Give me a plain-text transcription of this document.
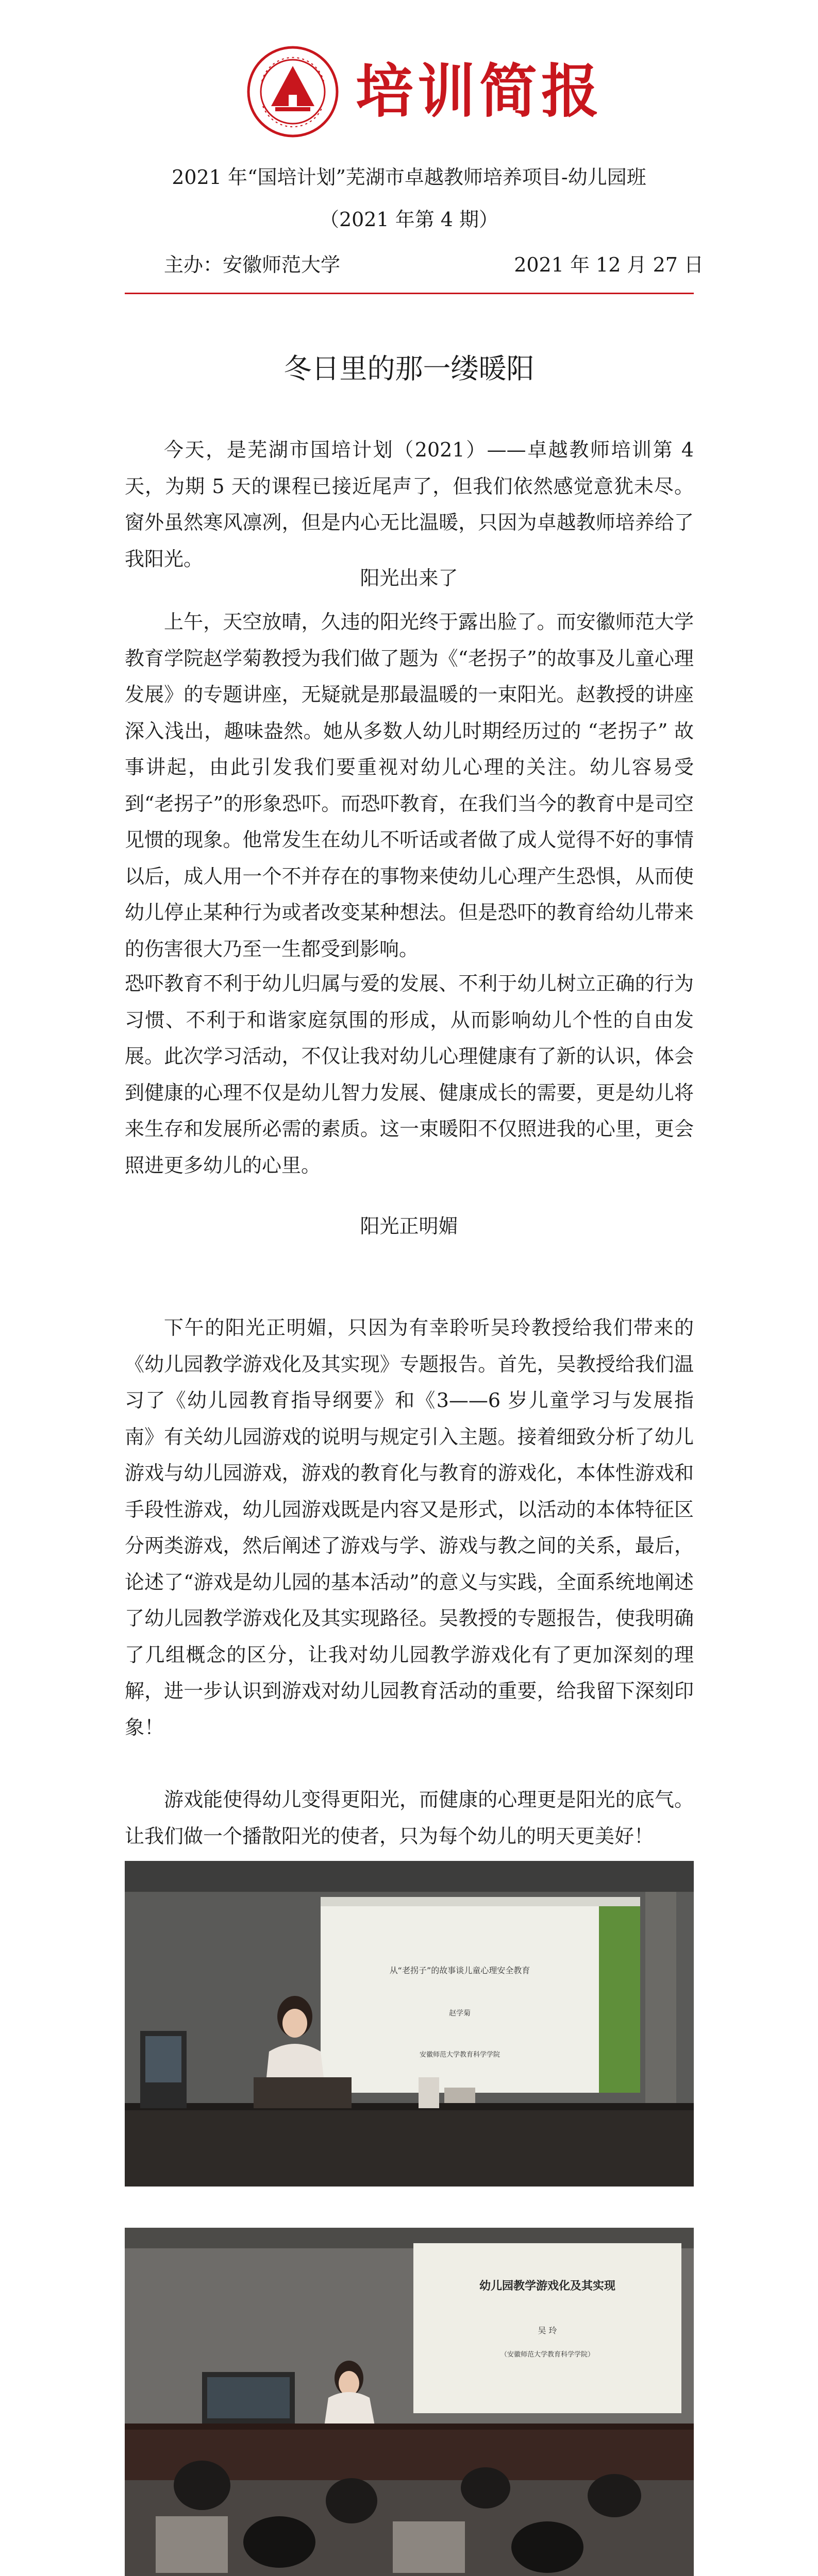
培训简报
2021 年“国培计划”芜湖市卓越教师培养项目-幼儿园班
（2021 年第 4 期）
主办：安徽师范大学	2021 年 12 月 27 日
冬日里的那一缕暖阳
今天，是芜湖市国培计划（2021）——卓越教师培训第 4 天，为期 5 天的课程已接近尾声了，但我们依然感觉意犹未尽。窗外虽然寒风凛冽，但是内心无比温暖，只因为卓越教师培养给了我阳光。
阳光出来了
上午，天空放晴，久违的阳光终于露出脸了。而安徽师范大学教育学院赵学菊教授为我们做了题为《“老拐子”的故事及儿童心理发展》的专题讲座，无疑就是那最温暖的一束阳光。赵教授的讲座深入浅出，趣味盎然。她从多数人幼儿时期经历过的 “老拐子” 故事讲起，由此引发我们要重视对幼儿心理的关注。幼儿容易受到“老拐子”的形象恐吓。而恐吓教育，在我们当今的教育中是司空见惯的现象。他常发生在幼儿不听话或者做了成人觉得不好的事情以后，成人用一个不并存在的事物来使幼儿心理产生恐惧，从而使幼儿停止某种行为或者改变某种想法。但是恐吓的教育给幼儿带来的伤害很大乃至一生都受到影响。
恐吓教育不利于幼儿归属与爱的发展、不利于幼儿树立正确的行为习惯、不利于和谐家庭氛围的形成，从而影响幼儿个性的自由发展。此次学习活动，不仅让我对幼儿心理健康有了新的认识，体会到健康的心理不仅是幼儿智力发展、健康成长的需要，更是幼儿将来生存和发展所必需的素质。这一束暖阳不仅照进我的心里，更会照进更多幼儿的心里。
阳光正明媚
下午的阳光正明媚，只因为有幸聆听吴玲教授给我们带来的《幼儿园教学游戏化及其实现》专题报告。首先，吴教授给我们温习了《幼儿园教育指导纲要》和《3——6 岁儿童学习与发展指南》有关幼儿园游戏的说明与规定引入主题。接着细致分析了幼儿游戏与幼儿园游戏，游戏的教育化与教育的游戏化，本体性游戏和手段性游戏，幼儿园游戏既是内容又是形式，以活动的本体特征区分两类游戏，然后阐述了游戏与学、游戏与教之间的关系，最后，论述了“游戏是幼儿园的基本活动”的意义与实践，全面系统地阐述了幼儿园教学游戏化及其实现路径。吴教授的专题报告，使我明确了几组概念的区分，让我对幼儿园教学游戏化有了更加深刻的理解，进一步认识到游戏对幼儿园教育活动的重要，给我留下深刻印象！
游戏能使得幼儿变得更阳光，而健康的心理更是阳光的底气。让我们做一个播散阳光的使者，只为每个幼儿的明天更美好！
从“老拐子”的故事谈儿童心理安全教育
赵学菊
安徽师范大学教育科学学院
幼儿园教学游戏化及其实现
吴 玲
（安徽师范大学教育科学学院）
